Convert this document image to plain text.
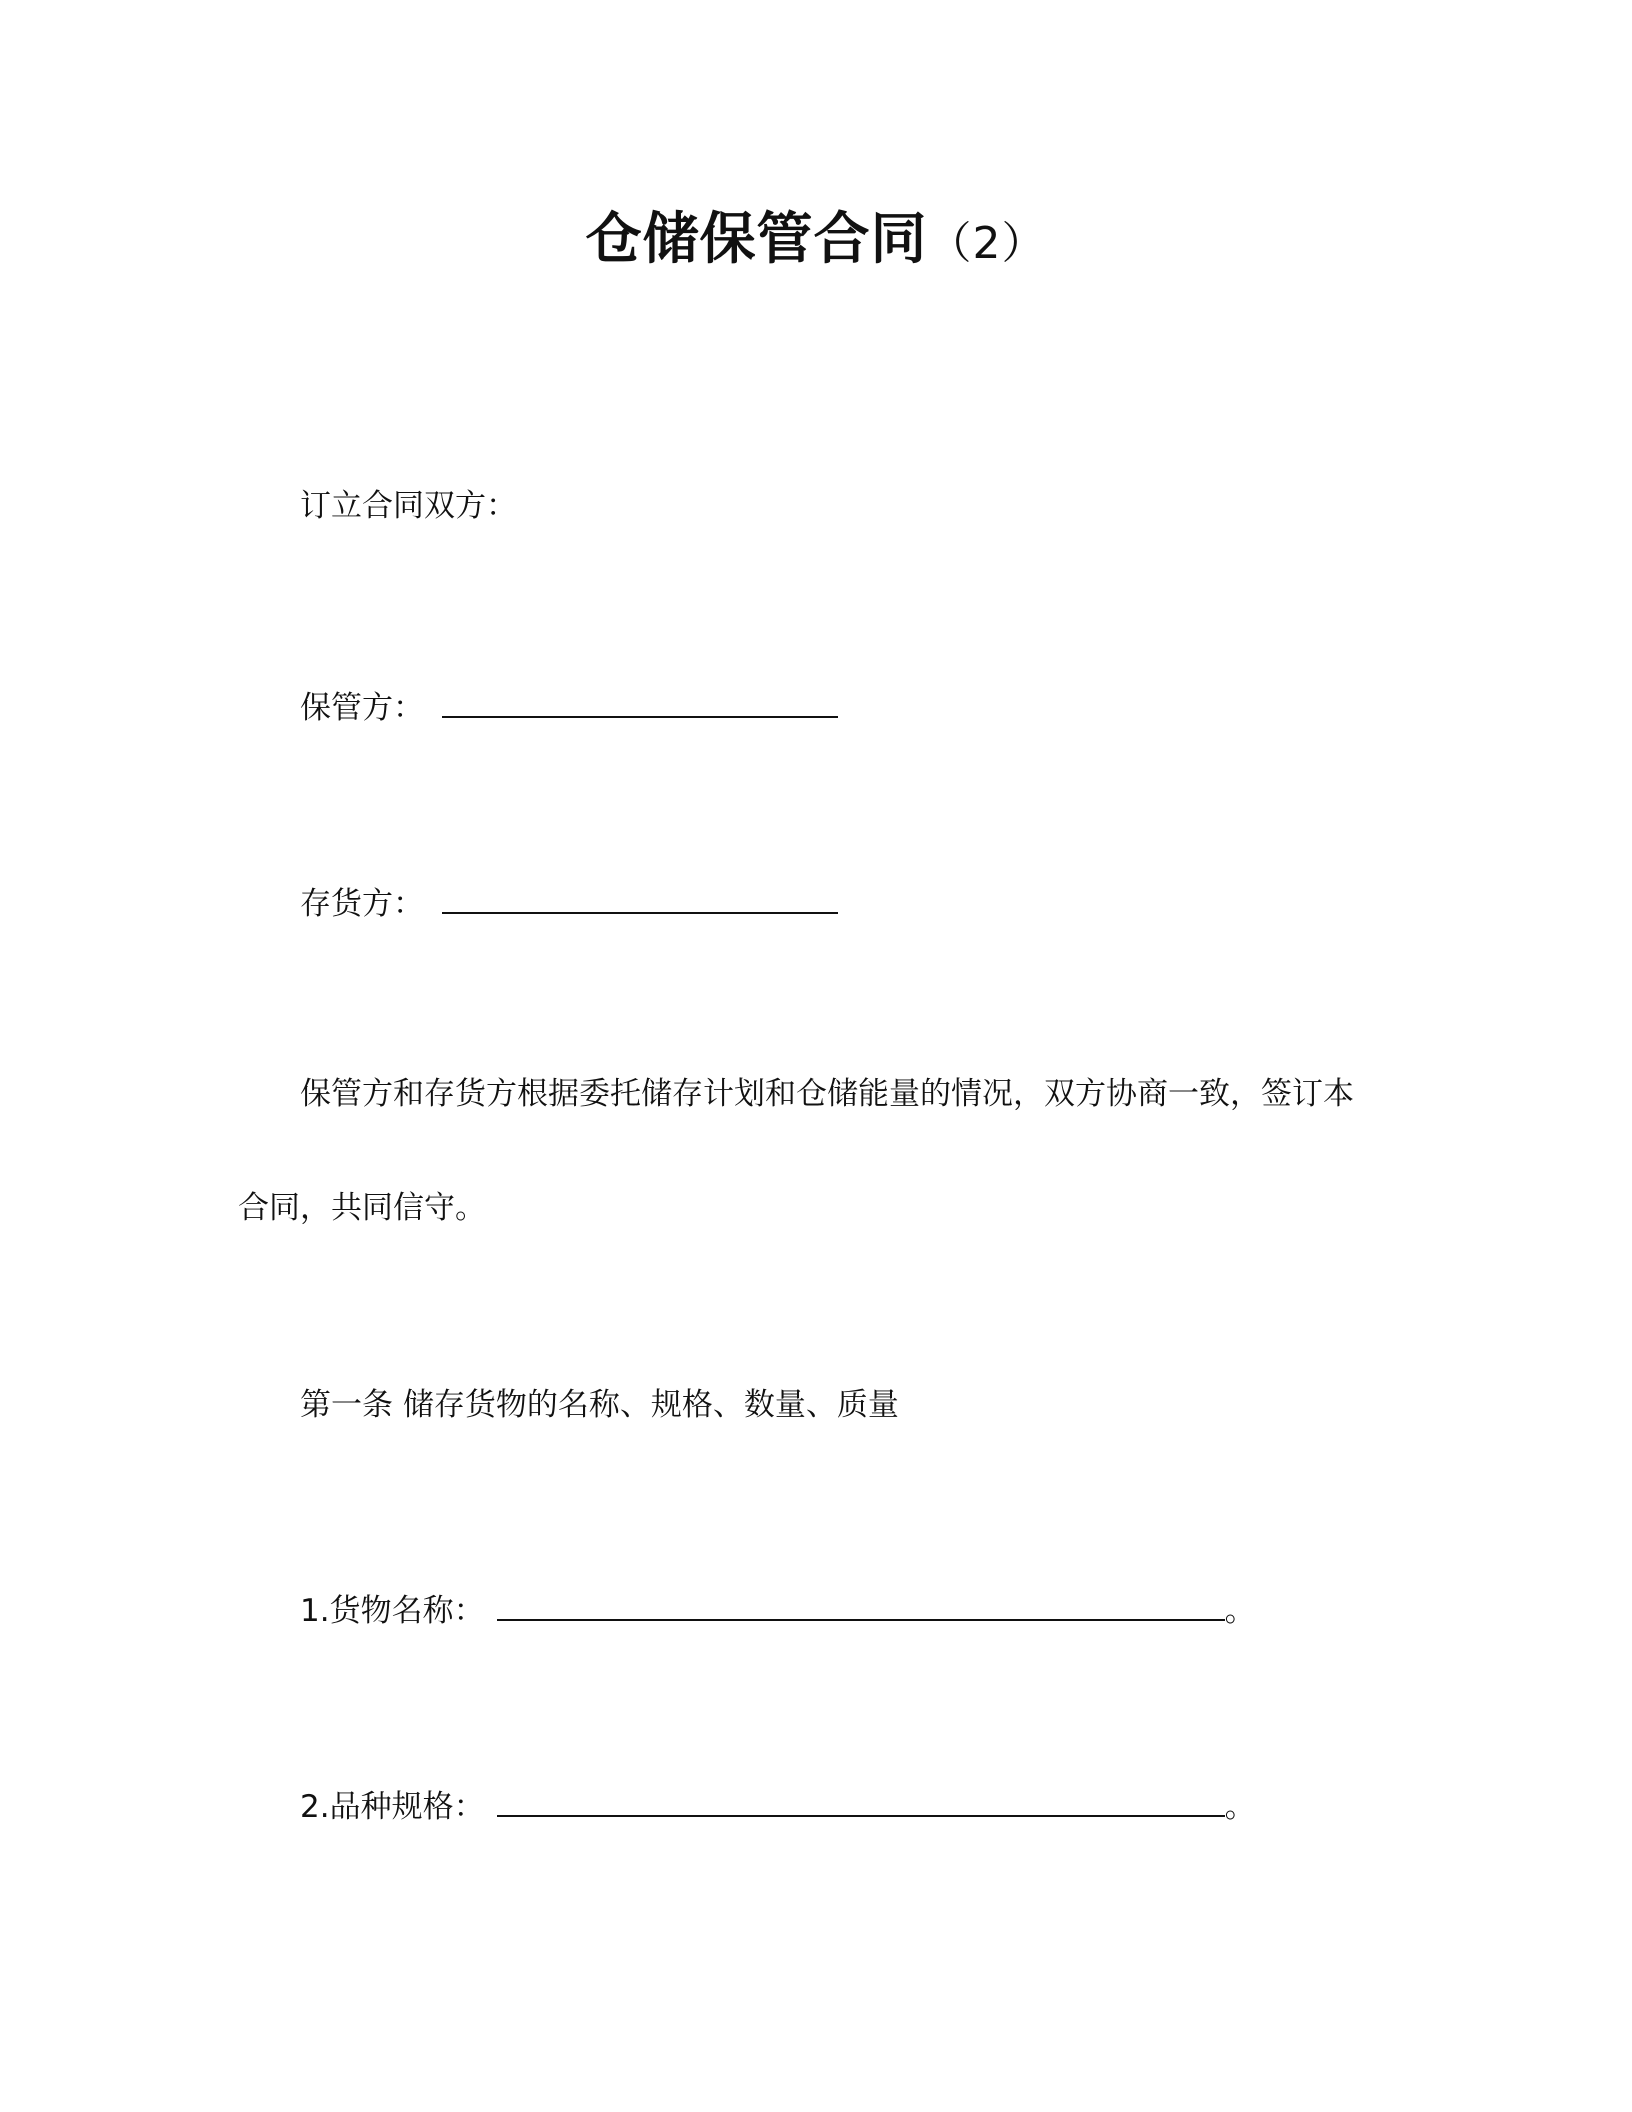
仓储保管合同（2）
订立合同双方：
保管方：
存货方：
保管方和存货方根据委托储存计划和仓储能量的情况，双方协商一致，签订本
合同，共同信守。
第一条 储存货物的名称、规格、数量、质量
1.货物名称：	。
2.品种规格：	。
